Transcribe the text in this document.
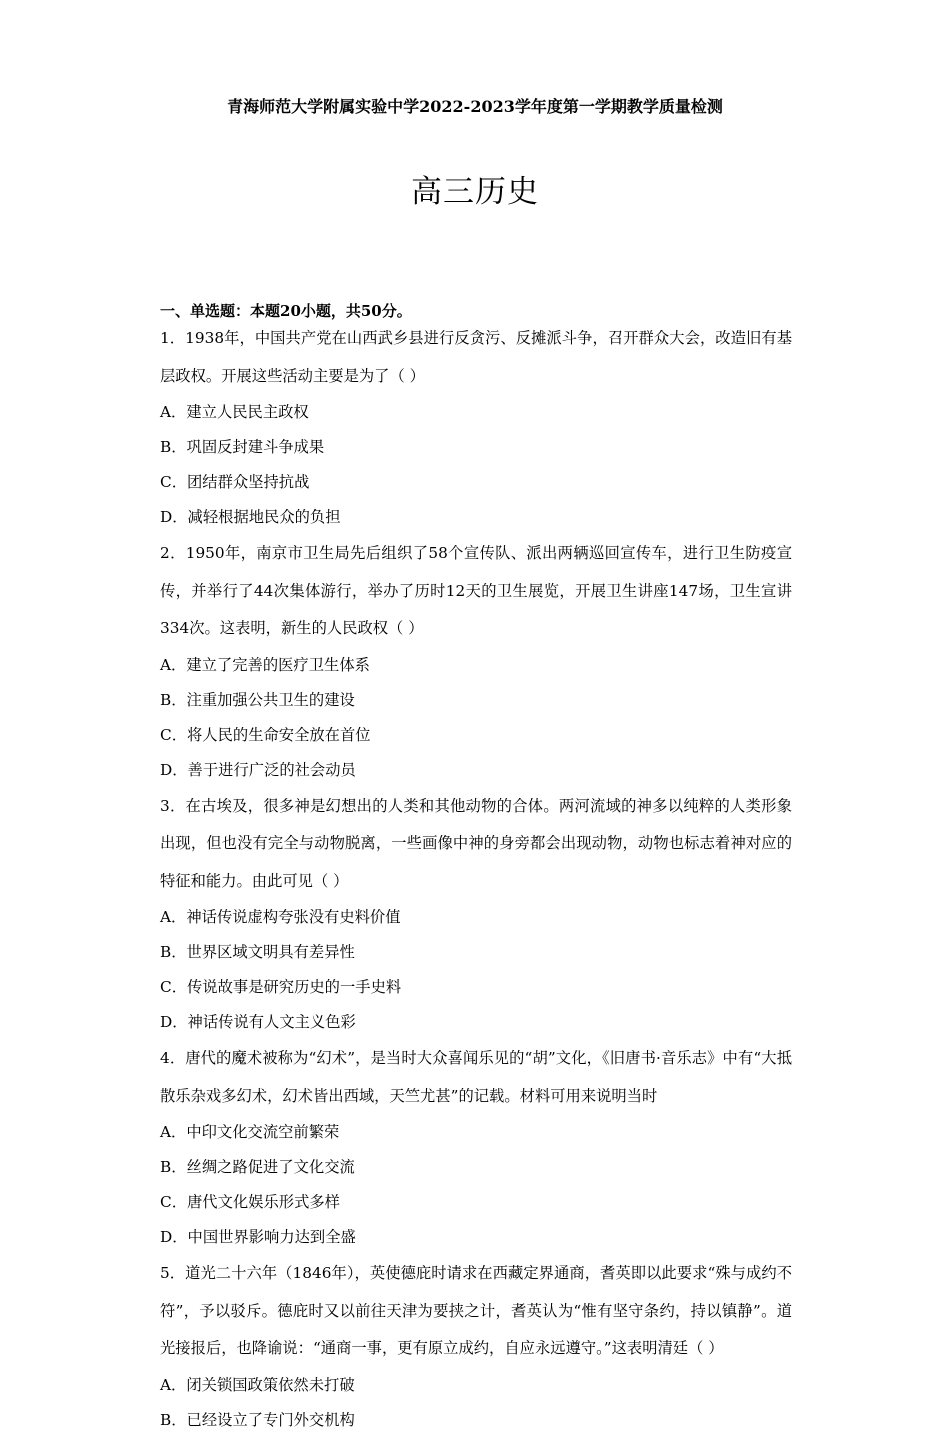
青海师范大学附属实验中学2022-2023学年度第一学期教学质量检测
高三历史
一、单选题：本题20小题，共50分。

1．1938年，中国共产党在山西武乡县进行反贪污、反摊派斗争，召开群众大会，改造旧有基层政权。开展这些活动主要是为了（ ）

A．建立人民民主政权
B．巩固反封建斗争成果
C．团结群众坚持抗战
D．减轻根据地民众的负担

2．1950年，南京市卫生局先后组织了58个宣传队、派出两辆巡回宣传车，进行卫生防疫宣传，并举行了44次集体游行，举办了历时12天的卫生展览，开展卫生讲座147场，卫生宣讲334次。这表明，新生的人民政权（ ）

A．建立了完善的医疗卫生体系
B．注重加强公共卫生的建设
C．将人民的生命安全放在首位
D．善于进行广泛的社会动员

3．在古埃及，很多神是幻想出的人类和其他动物的合体。两河流域的神多以纯粹的人类形象出现，但也没有完全与动物脱离，一些画像中神的身旁都会出现动物，动物也标志着神对应的特征和能力。由此可见（ ）

A．神话传说虚构夸张没有史料价值
B．世界区域文明具有差异性
C．传说故事是研究历史的一手史料
D．神话传说有人文主义色彩

4．唐代的魔术被称为“幻术”，是当时大众喜闻乐见的“胡”文化，《旧唐书·音乐志》中有“大抵散乐杂戏多幻术，幻术皆出西域，天竺尤甚”的记载。材料可用来说明当时

A．中印文化交流空前繁荣
B．丝绸之路促进了文化交流
C．唐代文化娱乐形式多样
D．中国世界影响力达到全盛

5．道光二十六年（1846年），英使德庇时请求在西藏定界通商，耆英即以此要求“殊与成约不符”，予以驳斥。德庇时又以前往天津为要挟之计，耆英认为“惟有坚守条约，持以镇静”。道光接报后，也降谕说：“通商一事，更有原立成约，自应永远遵守。”这表明清廷（ ）

A．闭关锁国政策依然未打破
B．已经设立了专门外交机构
